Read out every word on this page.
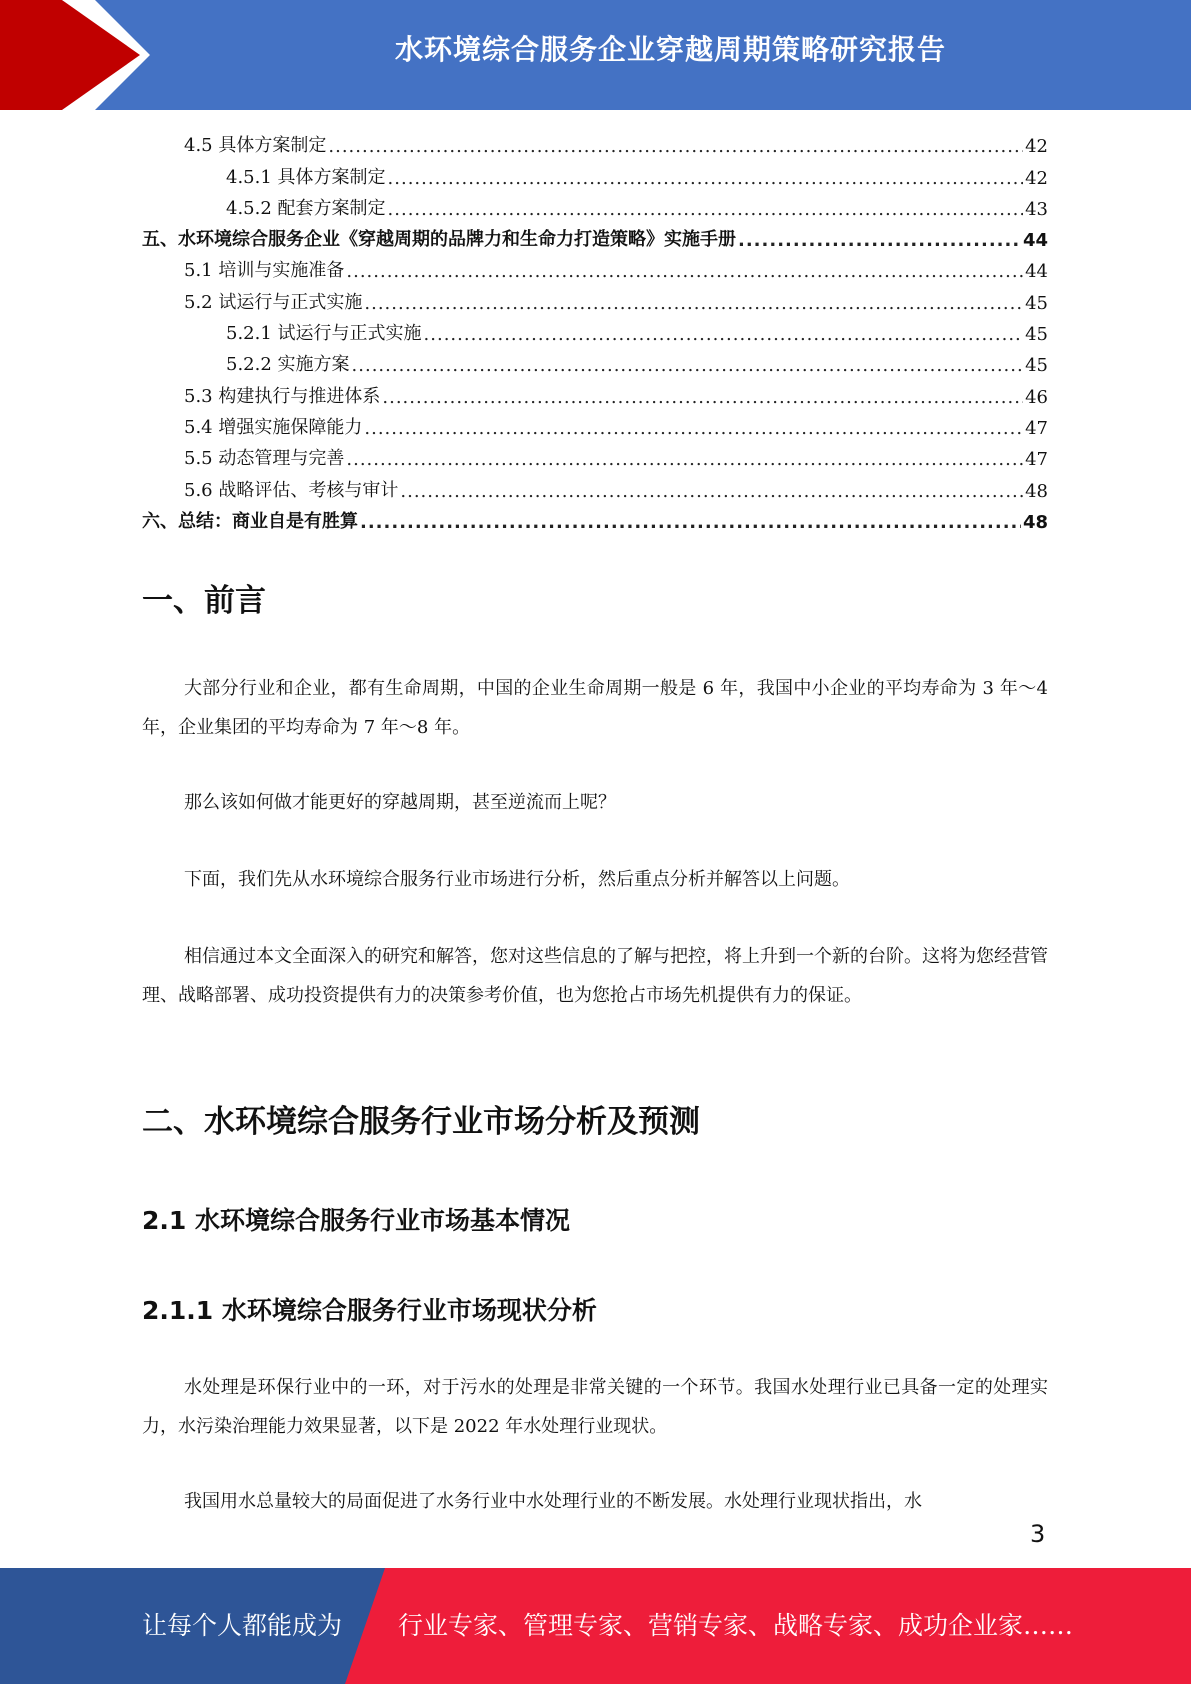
水环境综合服务企业穿越周期策略研究报告
4.5 具体方案制定 .....	42
4.5.1 具体方案制定 .....	42
4.5.2 配套方案制定 .....	43
五、水环境综合服务企业《穿越周期的品牌力和生命力打造策略》实施手册 .....	44
5.1 培训与实施准备 .....	44
5.2 试运行与正式实施 .....	45
5.2.1 试运行与正式实施 .....	45
5.2.2 实施方案 .....	45
5.3 构建执行与推进体系 .....	46
5.4 增强实施保障能力 .....	47
5.5 动态管理与完善 .....	47
5.6 战略评估、考核与审计 .....	48
六、总结：商业自是有胜算 .....	48
一、前言

大部分行业和企业，都有生命周期，中国的企业生命周期一般是 6 年，我国中小企业的平均寿命为 3 年～4 年，企业集团的平均寿命为 7 年～8 年。

那么该如何做才能更好的穿越周期，甚至逆流而上呢？

下面，我们先从水环境综合服务行业市场进行分析，然后重点分析并解答以上问题。

相信通过本文全面深入的研究和解答，您对这些信息的了解与把控，将上升到一个新的台阶。这将为您经营管理、战略部署、成功投资提供有力的决策参考价值，也为您抢占市场先机提供有力的保证。

二、水环境综合服务行业市场分析及预测
2.1 水环境综合服务行业市场基本情况
2.1.1 水环境综合服务行业市场现状分析

水处理是环保行业中的一环，对于污水的处理是非常关键的一个环节。我国水处理行业已具备一定的处理实力，水污染治理能力效果显著，以下是 2022 年水处理行业现状。

我国用水总量较大的局面促进了水务行业中水处理行业的不断发展。水处理行业现状指出，水

3
让每个人都能成为 行业专家、管理专家、营销专家、战略专家、成功企业家……
